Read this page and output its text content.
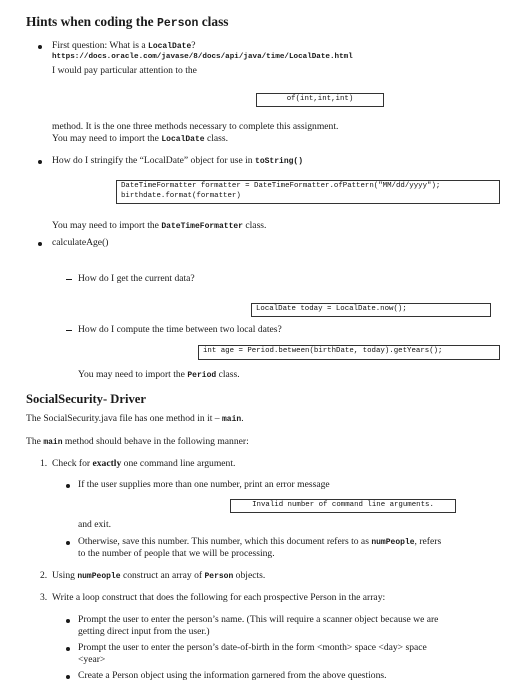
Hints when coding the Person class
First question: What is a LocalDate?
https://docs.oracle.com/javase/8/docs/api/java/time/LocalDate.html
I would pay particular attention to the
of(int,int,int)
method. It is the one three methods necessary to complete this assignment.
You may need to import the LocalDate class.
How do I stringify the “LocalDate” object for use in toString()
DateTimeFormatter formatter = DateTimeFormatter.ofPattern("MM/dd/yyyy");
birthdate.format(formatter)
You may need to import the DateTimeFormatter class.
calculateAge()
How do I get the current data?
LocalDate today = LocalDate.now();
How do I compute the time between two local dates?
int age = Period.between(birthDate, today).getYears();
You may need to import the Period class.
SocialSecurity- Driver
The SocialSecurity.java file has one method in it – main.
The main method should behave in the following manner:
1. Check for exactly one command line argument.
If the user supplies more than one number, print an error message
Invalid number of command line arguments.
and exit.
Otherwise, save this number. This number, which this document refers to as numPeople, refers
to the number of people that we will be processing.
2. Using numPeople construct an array of Person objects.
3. Write a loop construct that does the following for each prospective Person in the array:
Prompt the user to enter the person’s name. (This will require a scanner object because we are
getting direct input from the user.)
Prompt the user to enter the person’s date-of-birth in the form <month> space <day> space
<year>
Create a Person object using the information garnered from the above questions.
